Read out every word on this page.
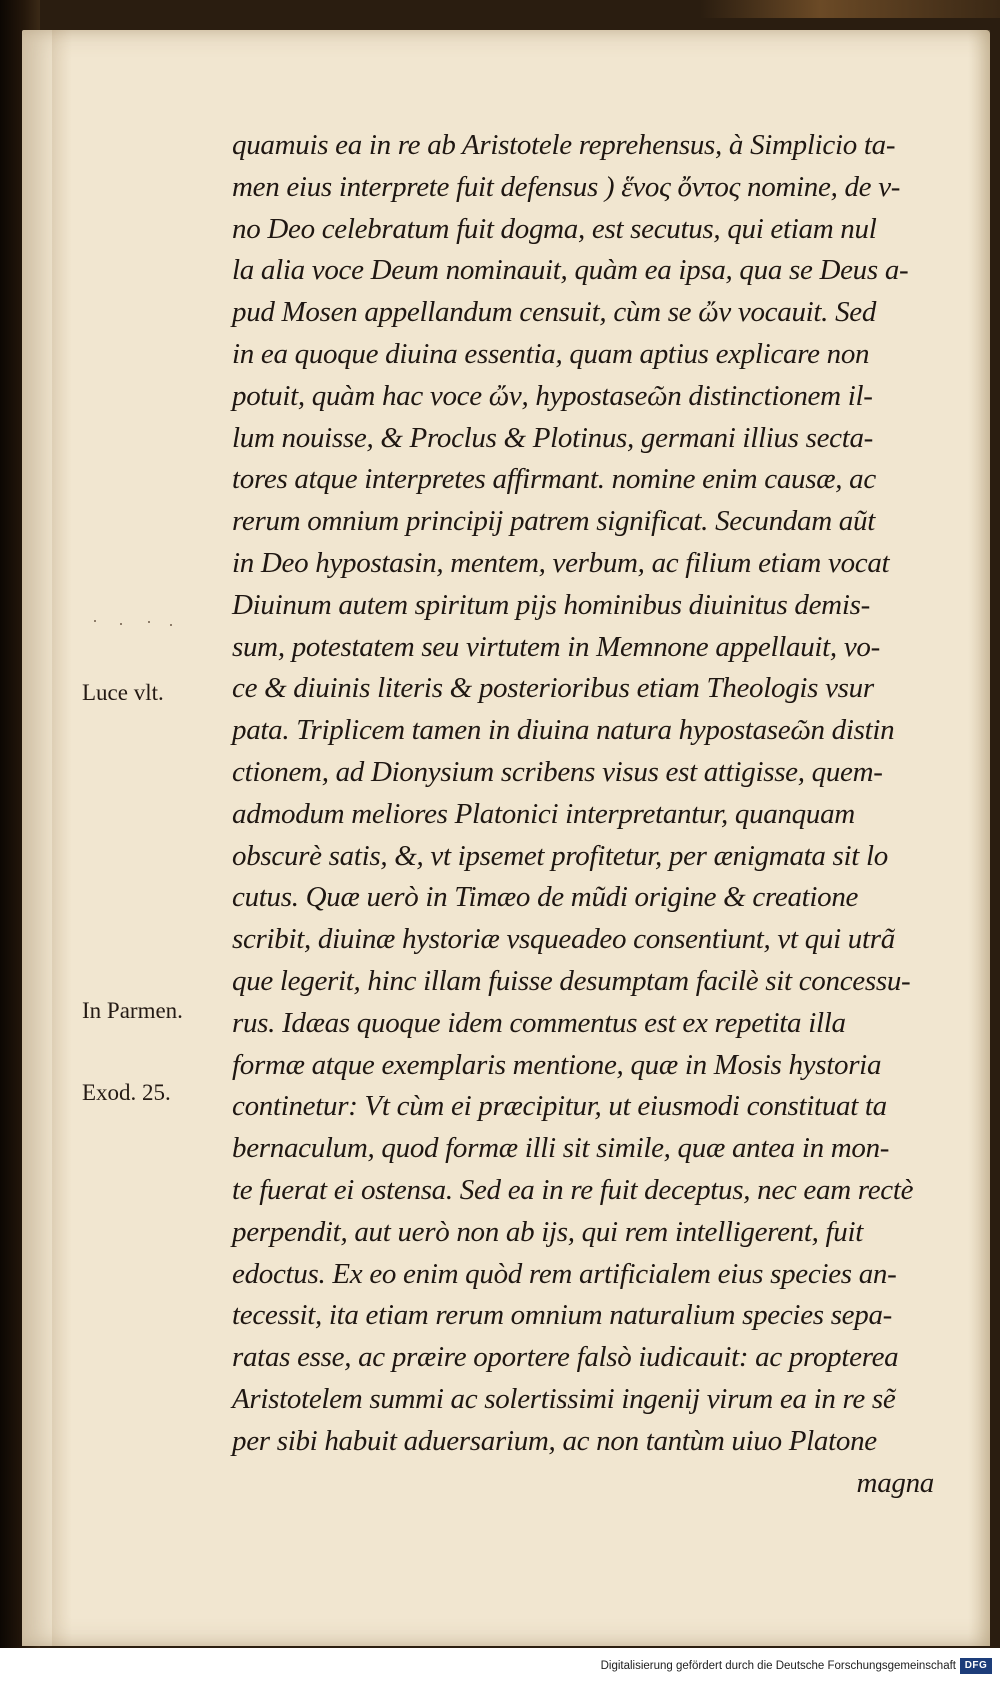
quamuis ea in re ab Aristotele reprehensus, à Simplicio ta-
men eius interprete fuit defensus ) ἕνος ὄντος nomine, de v-
no Deo celebratum fuit dogma, est secutus, qui etiam nul
la alia voce Deum nominauit, quàm ea ipsa, qua se Deus a-
pud Mosen appellandum censuit, cùm se ὤν vocauit. Sed
in ea quoque diuina essentia, quam aptius explicare non
potuit, quàm hac voce ὤν, hypostaseῶn distinctionem il-
lum nouisse, & Proclus & Plotinus, germani illius secta-
tores atque interpretes affirmant. nomine enim causæ, ac
rerum omnium principij patrem significat. Secundam aũt
in Deo hypostasin, mentem, verbum, ac filium etiam vocat
Diuinum autem spiritum pijs hominibus diuinitus demis-
sum, potestatem seu virtutem in Memnone appellauit, vo-
ce & diuinis literis & posterioribus etiam Theologis vsur
pata. Triplicem tamen in diuina natura hypostaseῶn distin
ctionem, ad Dionysium scribens visus est attigisse, quem-
admodum meliores Platonici interpretantur, quanquam
obscurè satis, &, vt ipsemet profitetur, per ænigmata sit lo
cutus. Quæ uerò in Timæo de mũdi origine & creatione
scribit, diuinæ hystoriæ vsqueadeo consentiunt, vt qui utrã
que legerit, hinc illam fuisse desumptam facilè sit concessu-
rus. Idæas quoque idem commentus est ex repetita illa
formæ atque exemplaris mentione, quæ in Mosis hystoria
continetur: Vt cùm ei præcipitur, ut eiusmodi constituat ta
bernaculum, quod formæ illi sit simile, quæ antea in mon-
te fuerat ei ostensa. Sed ea in re fuit deceptus, nec eam rectè
perpendit, aut uerò non ab ijs, qui rem intelligerent, fuit
edoctus. Ex eo enim quòd rem artificialem eius species an-
tecessit, ita etiam rerum omnium naturalium species sepa-
ratas esse, ac præire oportere falsò iudicauit: ac propterea
Aristotelem summi ac solertissimi ingenij virum ea in re sẽ
per sibi habuit aduersarium, ac non tantùm uiuo Platone
magna
Luce vlt.
In Parmen.
Exod. 25.
Digitalisierung gefördert durch die Deutsche Forschungsgemeinschaft DFG
